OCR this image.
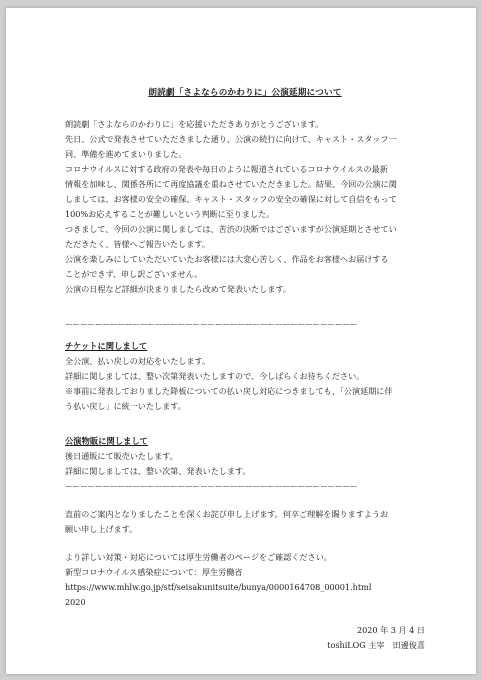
朗読劇「さよならのかわりに」公演延期について
朗読劇「さよならのかわりに」を応援いただきありがとうございます。
先日、公式で発表させていただきました通り、公演の続行に向けて、キャスト・スタッフ一
同、準備を進めてまいりました。
コロナウイルスに対する政府の発表や毎日のように報道されているコロナウイルスの最新
情報を加味し、関係各所にて再度協議を重ねさせていただきました。結果、今回の公演に関
しましては、お客様の安全の確保、キャスト・スタッフの安全の確保に対して自信をもって
100%お応えすることが難しいという判断に至りました。
つきまして、今回の公演に関しましては、苦渋の決断ではございますが公演延期とさせてい
ただきたく、皆様へご報告いたします。
公演を楽しみにしていただいていたお客様には大変心苦しく、作品をお客様へお届けする
ことができず、申し訳ございません。
公演の日程など詳細が決まりましたら改めて発表いたします。
ーーーーーーーーーーーーーーーーーーーーーーーーーーーーーーーーーーーーーーー
チケットに関しまして
全公演、払い戻しの対応をいたします。
詳細に関しましては、整い次第発表いたしますので、今しばらくお待ちください。
※事前に発表しておりました降板についての払い戻し対応につきましても、「公演延期に伴
う払い戻し」に統一いたします。
公演物販に関しまして
後日通販にて販売いたします。
詳細に関しましては、整い次第、発表いたします。
ーーーーーーーーーーーーーーーーーーーーーーーーーーーーーーーーーーーーーーー
直前のご案内となりましたことを深くお詫び申し上げます。何卒ご理解を賜りますようお
願い申し上げます。
より詳しい対策・対応については厚生労働者のページをご確認ください。
新型コロナウイルス感染症について：厚生労働省
https://www.mhlw.go.jp/stf/seisakunitsuite/bunya/0000164708_00001.html
2020
2020 年 3 月 4 日
toshiLOG 主宰　田邊俊喜
